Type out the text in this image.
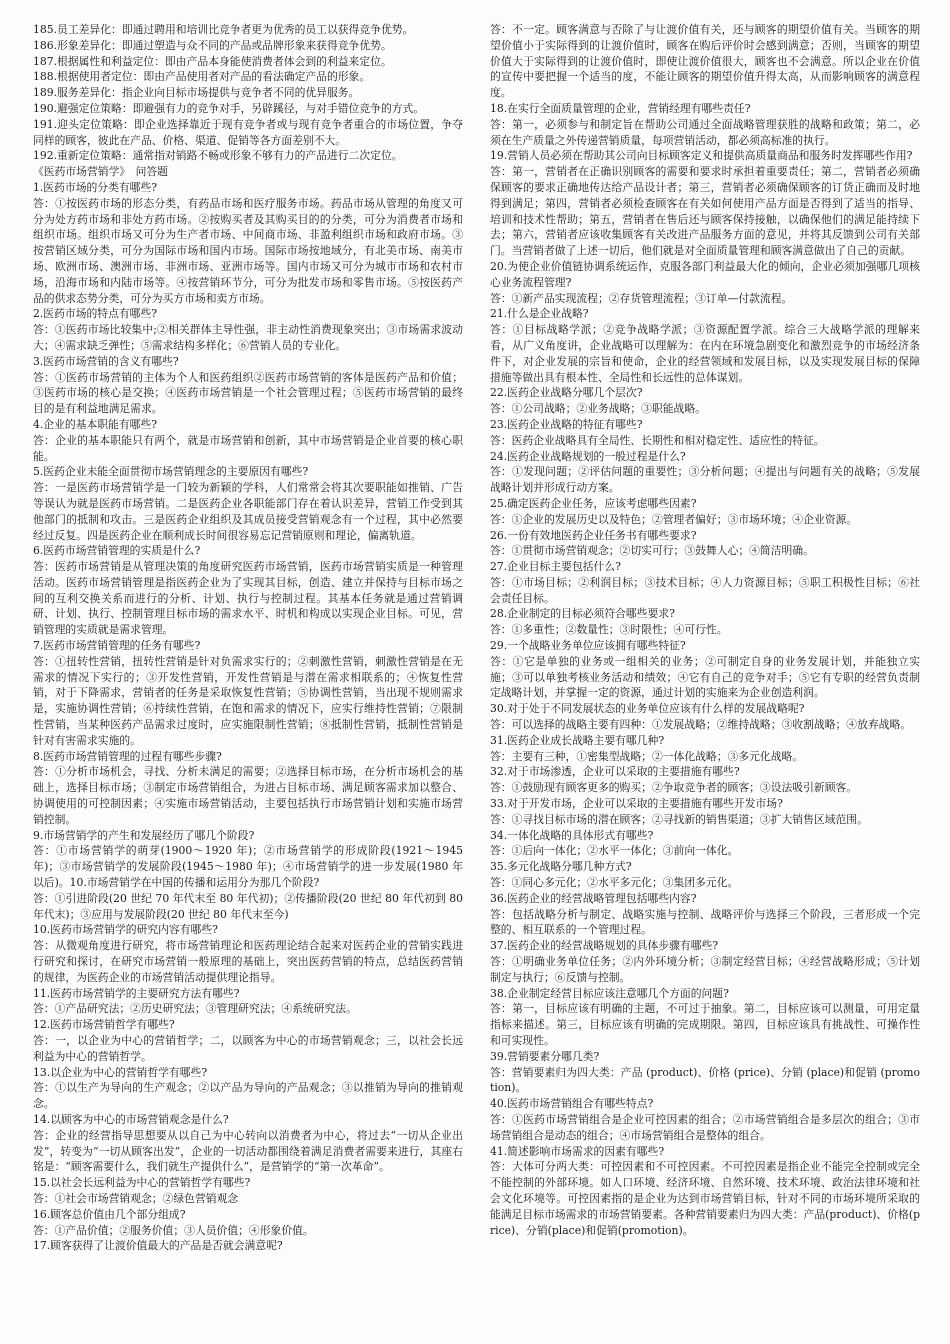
185.员工差异化：即通过聘用和培训比竞争者更为优秀的员工以获得竞争优势。

186.形象差异化：即通过塑造与众不同的产品或品牌形象来获得竞争优势。

187.根据属性和利益定位：即由产品本身能使消费者体会到的利益来定位。

188.根据使用者定位：即由产品使用者对产品的看法确定产品的形象。

189.服务差异化：指企业向目标市场提供与竞争者不同的优异服务。

190.避强定位策略：即避强有力的竞争对手，另辟蹊径，与对手错位竞争的方式。

191.迎头定位策略：即企业选择靠近于现有竞争者或与现有竞争者重合的市场位置，争夺同样的顾客，彼此在产品、价格、渠道、促销等各方面差别不大。

192.重新定位策略：通常指对销路不畅或形象不够有力的产品进行二次定位。

《医药市场营销学》　问答题

1.医药市场的分类有哪些?

答：①按医药市场的形态分类，有药品市场和医疗服务市场。药品市场从管理的角度又可分为处方药市场和非处方药市场。②按购买者及其购买目的的分类，可分为消费者市场和组织市场。组织市场又可分为生产者市场、中间商市场、非盈利组织市场和政府市场。③按营销区域分类，可分为国际市场和国内市场。国际市场按地域分，有北美市场、南美市场、欧洲市场、澳洲市场、非洲市场、亚洲市场等。国内市场又可分为城市市场和农村市场，沿海市场和内陆市场等。④按营销环节分，可分为批发市场和零售市场。⑤按医药产品的供求态势分类，可分为买方市场和卖方市场。

2.医药市场的特点有哪些?

答：①医药市场比较集中;②相关群体主导性强，非主动性消费现象突出；③市场需求波动大；④需求缺乏弹性；⑤需求结构多样化；⑥营销人员的专业化。

3.医药市场营销的含义有哪些?

答：①医药市场营销的主体为个人和医药组织②医药市场营销的客体是医药产品和价值；③医药市场的核心是交换；④医药市场营销是一个社会管理过程；⑤医药市场营销的最终目的是有利益地满足需求。

4.企业的基本职能有哪些?

答：企业的基本职能只有两个，就是市场营销和创新，其中市场营销是企业首要的核心职能。

5.医药企业未能全面贯彻市场营销理念的主要原因有哪些?

答：一是医药市场营销学是一门较为新颖的学科，人们常常会将其次要职能如推销、广告等误认为就是医药市场营销。二是医药企业各职能部门存在着认识差异，营销工作受到其他部门的抵制和攻击。三是医药企业组织及其成员接受营销观念有一个过程，其中必然要经过反复。四是医药企业在顺利成长时间很容易忘记营销原则和理论，偏离轨道。

6.医药市场营销管理的实质是什么?

答：医药市场营销是从管理决策的角度研究医药市场营销，医药市场营销实质是一种管理活动。医药市场营销管理是指医药企业为了实现其目标，创造、建立并保持与目标市场之间的互利交换关系而进行的分析、计划、执行与控制过程。其基本任务就是通过营销调研、计划、执行、控制管理目标市场的需求水平、时机和构成以实现企业目标。可见，营销管理的实质就是需求管理。

7.医药市场营销管理的任务有哪些?

答：①扭转性营销，扭转性营销是针对负需求实行的；②刺激性营销，刺激性营销是在无需求的情况下实行的；③开发性营销，开发性营销是与潜在需求相联系的；④恢复性营销，对于下降需求，营销者的任务是采取恢复性营销；⑤协调性营销，当出现不规则需求是，实施协调性营销；⑥持续性营销，在饱和需求的情况下，应实行维持性营销；⑦限制性营销，当某种医药产品需求过度时，应实施限制性营销；⑧抵制性营销，抵制性营销是针对有害需求实施的。

8.医药市场营销管理的过程有哪些步骤?

答：①分析市场机会，寻找、分析未满足的需要；②选择目标市场，在分析市场机会的基础上，选择目标市场；③制定市场营销组合，为进占目标市场、满足顾客需求加以整合、协调使用的可控制因素；④实施市场营销活动，主要包括执行市场营销计划和实施市场营销控制。

9.市场营销学的产生和发展经历了哪几个阶段?

答：①市场营销学的萌芽(1900～1920 年)；②市场营销学的形成阶段(1921～1945 年)；③市场营销学的发展阶段(1945～1980 年)；④市场营销学的进一步发展(1980 年以后)。10.市场营销学在中国的传播和运用分为那几个阶段?

答：①引进阶段(20 世纪 70 年代末至 80 年代初)；②传播阶段(20 世纪 80 年代初到 80 年代末)；③应用与发展阶段(20 世纪 80 年代末至今)

10.医药市场营销学的研究内容有哪些?

答：从微观角度进行研究，将市场营销理论和医药理论结合起来对医药企业的营销实践进行研究和探讨，在研究市场营销一般原理的基础上，突出医药营销的特点，总结医药营销的规律，为医药企业的市场营销活动提供理论指导。

11.医药市场营销学的主要研究方法有哪些?

答：①产品研究法；②历史研究法；③管理研究法；④系统研究法。

12.医药市场营销哲学有哪些?

答：一，以企业为中心的营销哲学；二，以顾客为中心的市场营销观念；三，以社会长远利益为中心的营销哲学。

13.以企业为中心的营销哲学有哪些?

答：①以生产为导向的生产观念；②以产品为导向的产品观念；③以推销为导向的推销观念。

14.以顾客为中心的市场营销观念是什么?

答：企业的经营指导思想要从以自己为中心转向以消费者为中心，将过去“一切从企业出发”，转变为“一切从顾客出发”，企业的一切活动都围绕着满足消费者需要来进行，其座右铭是：“顾客需要什么，我们就生产提供什么”，是营销学的“第一次革命”。

15.以社会长远利益为中心的营销哲学有哪些?

答：①社会市场营销观念；②绿色营销观念

16.顾客总价值由几个部分组成?

答：①产品价值；②服务价值；③人员价值；④形象价值。

17.顾客获得了让渡价值最大的产品是否就会满意呢?

答：不一定。顾客满意与否除了与让渡价值有关，还与顾客的期望价值有关。当顾客的期望价值小于实际得到的让渡价值时，顾客在购后评价时会感到满意；否则，当顾客的期望价值大于实际得到的让渡价值时，即使让渡价值很大，顾客也不会满意。所以企业在价值的宣传中要把握一个适当的度，不能让顾客的期望价值升得太高，从而影响顾客的满意程度。

18.在实行全面质量管理的企业，营销经理有哪些责任?

答：第一，必须参与和制定旨在帮助公司通过全面战略管理获胜的战略和政策；第二，必须在生产质量之外传递营销质量，每项营销活动，都必须高标准的执行。

19.营销人员必须在帮助其公司向目标顾客定义和提供高质量商品和服务时发挥哪些作用?

答：第一，营销者在正确识别顾客的需要和要求时承担着重要责任；第二，营销者必须确保顾客的要求正确地传达给产品设计者；第三，营销者必须确保顾客的订货正确而及时地得到满足；第四，营销者必须检查顾客在有关如何使用产品方面是否得到了适当的指导、培训和技术性帮助；第五，营销者在售后还与顾客保持接触，以确保他们的满足能持续下去；第六，营销者应该收集顾客有关改进产品服务方面的意见，并将其反馈到公司有关部门。当营销者做了上述一切后，他们就是对全面质量管理和顾客满意做出了自己的贡献。

20.为使企业价值链协调系统运作，克服各部门利益最大化的倾向，企业必须加强哪几项核心业务流程管理?

答：①新产品实现流程；②存货管理流程；③订单—付款流程。

21.什么是企业战略?

答：①目标战略学派；②竞争战略学派；③资源配置学派。综合三大战略学派的理解来看，从广义角度讲，企业战略可以理解为：在内在环境急剧变化和激烈竞争的市场经济条件下，对企业发展的宗旨和使命，企业的经营领域和发展目标，以及实现发展目标的保障措施等做出具有根本性、全局性和长远性的总体谋划。

22.医药企业战略分哪几个层次?

答：①公司战略；②业务战略；③职能战略。

23.医药企业战略的特征有哪些?

答：医药企业战略具有全局性、长期性和相对稳定性、适应性的特征。

24.医药企业战略规划的一般过程是什么?

答：①发现问题；②评估问题的重要性；③分析问题；④提出与问题有关的战略；⑤发展战略计划并形成行动方案。

25.确定医药企业任务，应该考虑哪些因素?

答：①企业的发展历史以及特色；②管理者偏好；③市场环境；④企业资源。

26.一份有效地医药企业任务书有哪些要求?

答：①贯彻市场营销观念；②切实可行；③鼓舞人心；④简洁明确。

27.企业目标主要包括什么?

答：①市场目标；②利润目标；③技术目标；④人力资源目标；⑤职工积极性目标；⑥社会责任目标。

28.企业制定的目标必须符合哪些要求?

答：①多重性；②数量性；③时限性；④可行性。

29.一个战略业务单位应该拥有哪些特征?

答：①它是单独的业务或一组相关的业务；②可制定自身的业务发展计划，并能独立实施；③可以单独考核业务活动和绩效；④它有自己的竞争对手；⑤它有专职的经营负责制定战略计划，并掌握一定的资源，通过计划的实施来为企业创造利润。

30.对于处于不同发展状态的业务单位应该有什么样的发展战略呢?

答：可以选择的战略主要有四种：①发展战略；②维持战略；③收割战略；④放弃战略。

31.医药企业成长战略主要有哪几种?

答：主要有三种，①密集型战略；②一体化战略；③多元化战略。

32.对于市场渗透，企业可以采取的主要措施有哪些?

答：①鼓励现有顾客更多的购买；②争取竞争者的顾客；③设法吸引新顾客。

33.对于开发市场，企业可以采取的主要措施有哪些开发市场?

答：①寻找目标市场的潜在顾客；②寻找新的销售渠道；③扩大销售区域范围。

34.一体化战略的具体形式有哪些?

答：①后向一体化；②水平一体化；③前向一体化。

35.多元化战略分哪几种方式?

答：①同心多元化；②水平多元化；③集团多元化。

36.医药企业的经营战略管理包括哪些内容?

答：包括战略分析与制定、战略实施与控制、战略评价与选择三个阶段，三者形成一个完整的、相互联系的一个管理过程。

37.医药企业的经营战略规划的具体步骤有哪些?

答：①明确业务单位任务；②内外环境分析；③制定经营目标；④经营战略形成；⑤计划制定与执行；⑥反馈与控制。

38.企业制定经营目标应该注意哪几个方面的问题?

答：第一，目标应该有明确的主题，不可过于抽象。第二，目标应该可以测量，可用定量指标来描述。第三，目标应该有明确的完成期限。第四，目标应该具有挑战性、可操作性和可实现性。

39.营销要素分哪几类?

答：营销要素归为四大类：产品 (product)、价格 (price)、分销 (place)和促销 (promotion)。

40.医药市场营销组合有哪些特点?

答：①医药市场营销组合是企业可控因素的组合；②市场营销组合是多层次的组合；③市场营销组合是动态的组合；④市场营销组合是整体的组合。

41.简述影响市场需求的因素有哪些?

答：大体可分两大类：可控因素和不可控因素。不可控因素是指企业不能完全控制或完全不能控制的外部环境。如人口环境、经济环境、自然环境、技术环境、政治法律环境和社会文化环境等。可控因素指的是企业为达到市场营销目标，针对不同的市场环境所采取的能满足目标市场需求的市场营销要素。各种营销要素归为四大类：产品(product)、价格(price)、分销(place)和促销(promotion)。
